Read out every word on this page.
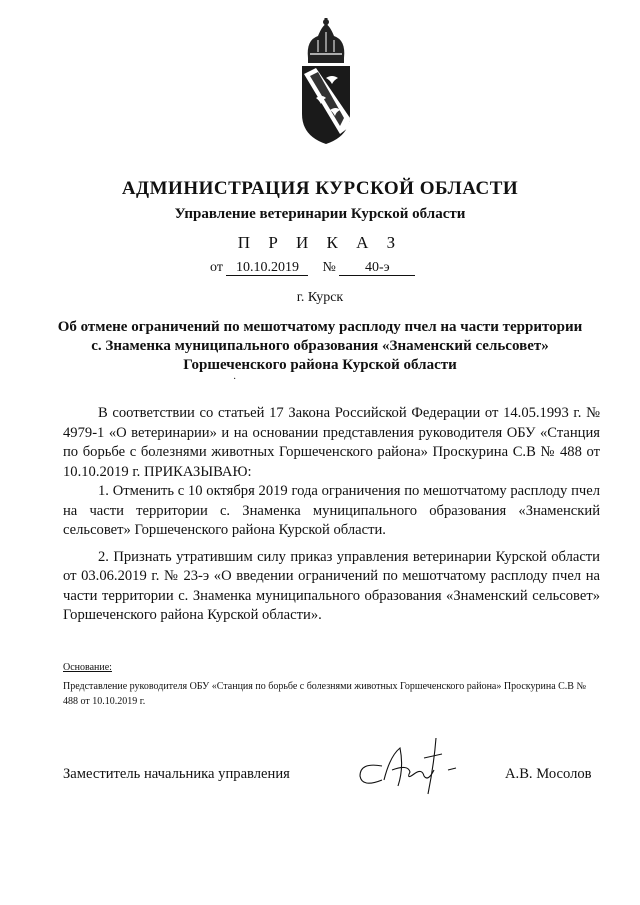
АДМИНИСТРАЦИЯ КУРСКОЙ ОБЛАСТИ
Управление ветеринарии Курской области
П Р И К А З
от 10.10.2019 № 40-э
г. Курск
Об отмене ограничений по мешотчатому расплоду пчел на части территории
с. Знаменка муниципального образования «Знаменский сельсовет»
Горшеченского района Курской области
·

В соответствии со статьей 17 Закона Российской Федерации от 14.05.1993 г. № 4979-1 «О ветеринарии» и на основании представления руководителя ОБУ «Станция по борьбе с болезнями животных Горшеченского района» Проскурина С.В № 488 от 10.10.2019 г. ПРИКАЗЫВАЮ:

1. Отменить с 10 октября 2019 года ограничения по мешотчатому расплоду пчел на части территории с. Знаменка муниципального образования «Знаменский сельсовет» Горшеченского района Курской области.

2. Признать утратившим силу приказ управления ветеринарии Курской области от 03.06.2019 г. № 23-э «О введении ограничений по мешотчатому расплоду пчел на части территории с. Знаменка муниципального образования «Знаменский сельсовет» Горшеченского района Курской области».

Основание:
Представление руководителя ОБУ «Станция по борьбе с болезнями животных Горшеченского района» Проскурина С.В № 488 от 10.10.2019 г.
Заместитель начальника управления	А.В. Мосолов
